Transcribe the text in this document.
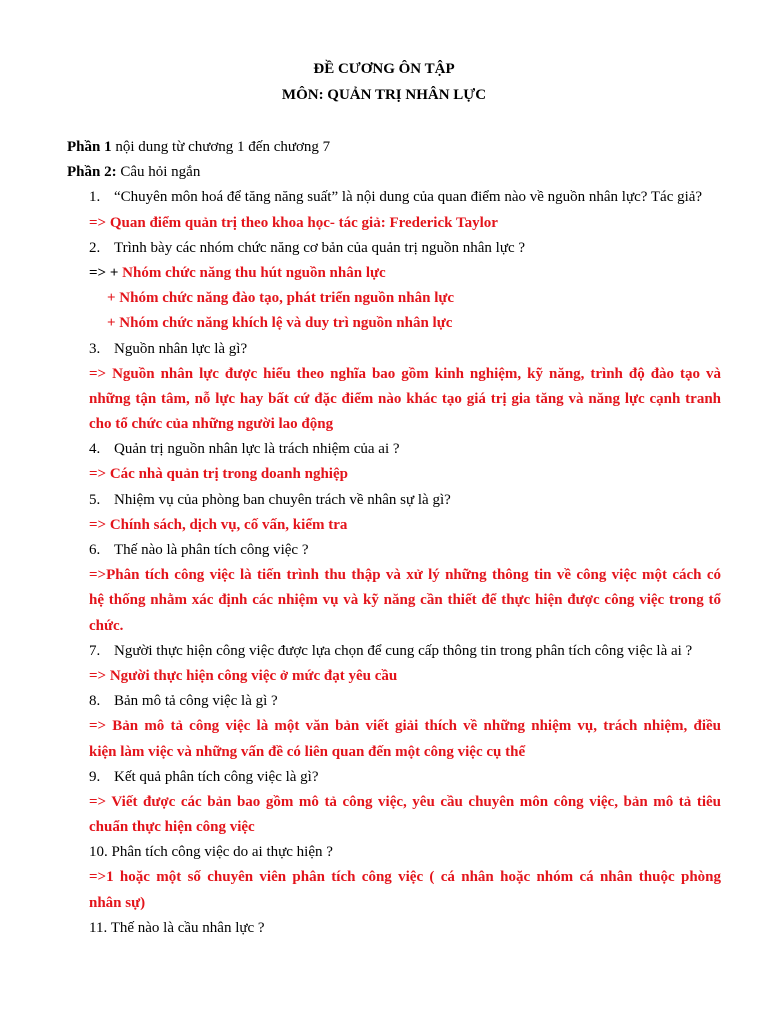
ĐỀ CƯƠNG ÔN TẬP
MÔN: QUẢN TRỊ NHÂN LỰC
Phần 1 nội dung từ chương 1 đến chương 7
Phần 2: Câu hỏi ngắn
1. “Chuyên môn hoá để tăng năng suất” là nội dung của quan điểm nào về nguồn nhân lực? Tác giả?
=> Quan điểm quản trị theo khoa học- tác giả: Frederick Taylor
2. Trình bày các nhóm chức năng cơ bản của quản trị nguồn nhân lực ?
=> + Nhóm chức năng thu hút nguồn nhân lực
+ Nhóm chức năng đào tạo, phát triển nguồn nhân lực
+ Nhóm chức năng khích lệ và duy trì nguồn nhân lực
3. Nguồn nhân lực là gì?
=> Nguồn nhân lực được hiểu theo nghĩa bao gồm kinh nghiệm, kỹ năng, trình độ đào tạo và
những tận tâm, nỗ lực hay bất cứ đặc điểm nào khác tạo giá trị gia tăng và năng lực cạnh tranh
cho tổ chức của những người lao động
4. Quản trị nguồn nhân lực là trách nhiệm của ai ?
=> Các nhà quản trị trong doanh nghiệp
5. Nhiệm vụ của phòng ban chuyên trách về nhân sự là gì?
=> Chính sách, dịch vụ, cố vấn, kiểm tra
6. Thế nào là phân tích công việc ?
=>Phân tích công việc là tiến trình thu thập và xử lý những thông tin về công việc một cách có
hệ thống nhằm xác định các nhiệm vụ và kỹ năng cần thiết để thực hiện được công việc trong tổ
chức.
7. Người thực hiện công việc được lựa chọn để cung cấp thông tin trong phân tích công việc là ai ?
=> Người thực hiện công việc ở mức đạt yêu cầu
8. Bản mô tả công việc là gì ?
=> Bản mô tả công việc là một văn bản viết giải thích về những nhiệm vụ, trách nhiệm, điều
kiện làm việc và những vấn đề có liên quan đến một công việc cụ thể
9. Kết quả phân tích công việc là gì?
=> Viết được các bản bao gồm mô tả công việc, yêu cầu chuyên môn công việc, bản mô tả tiêu
chuẩn thực hiện công việc
10. Phân tích công việc do ai thực hiện ?
=>1 hoặc một số chuyên viên phân tích công việc ( cá nhân hoặc nhóm cá nhân thuộc phòng
nhân sự)
11. Thế nào là cầu nhân lực ?
